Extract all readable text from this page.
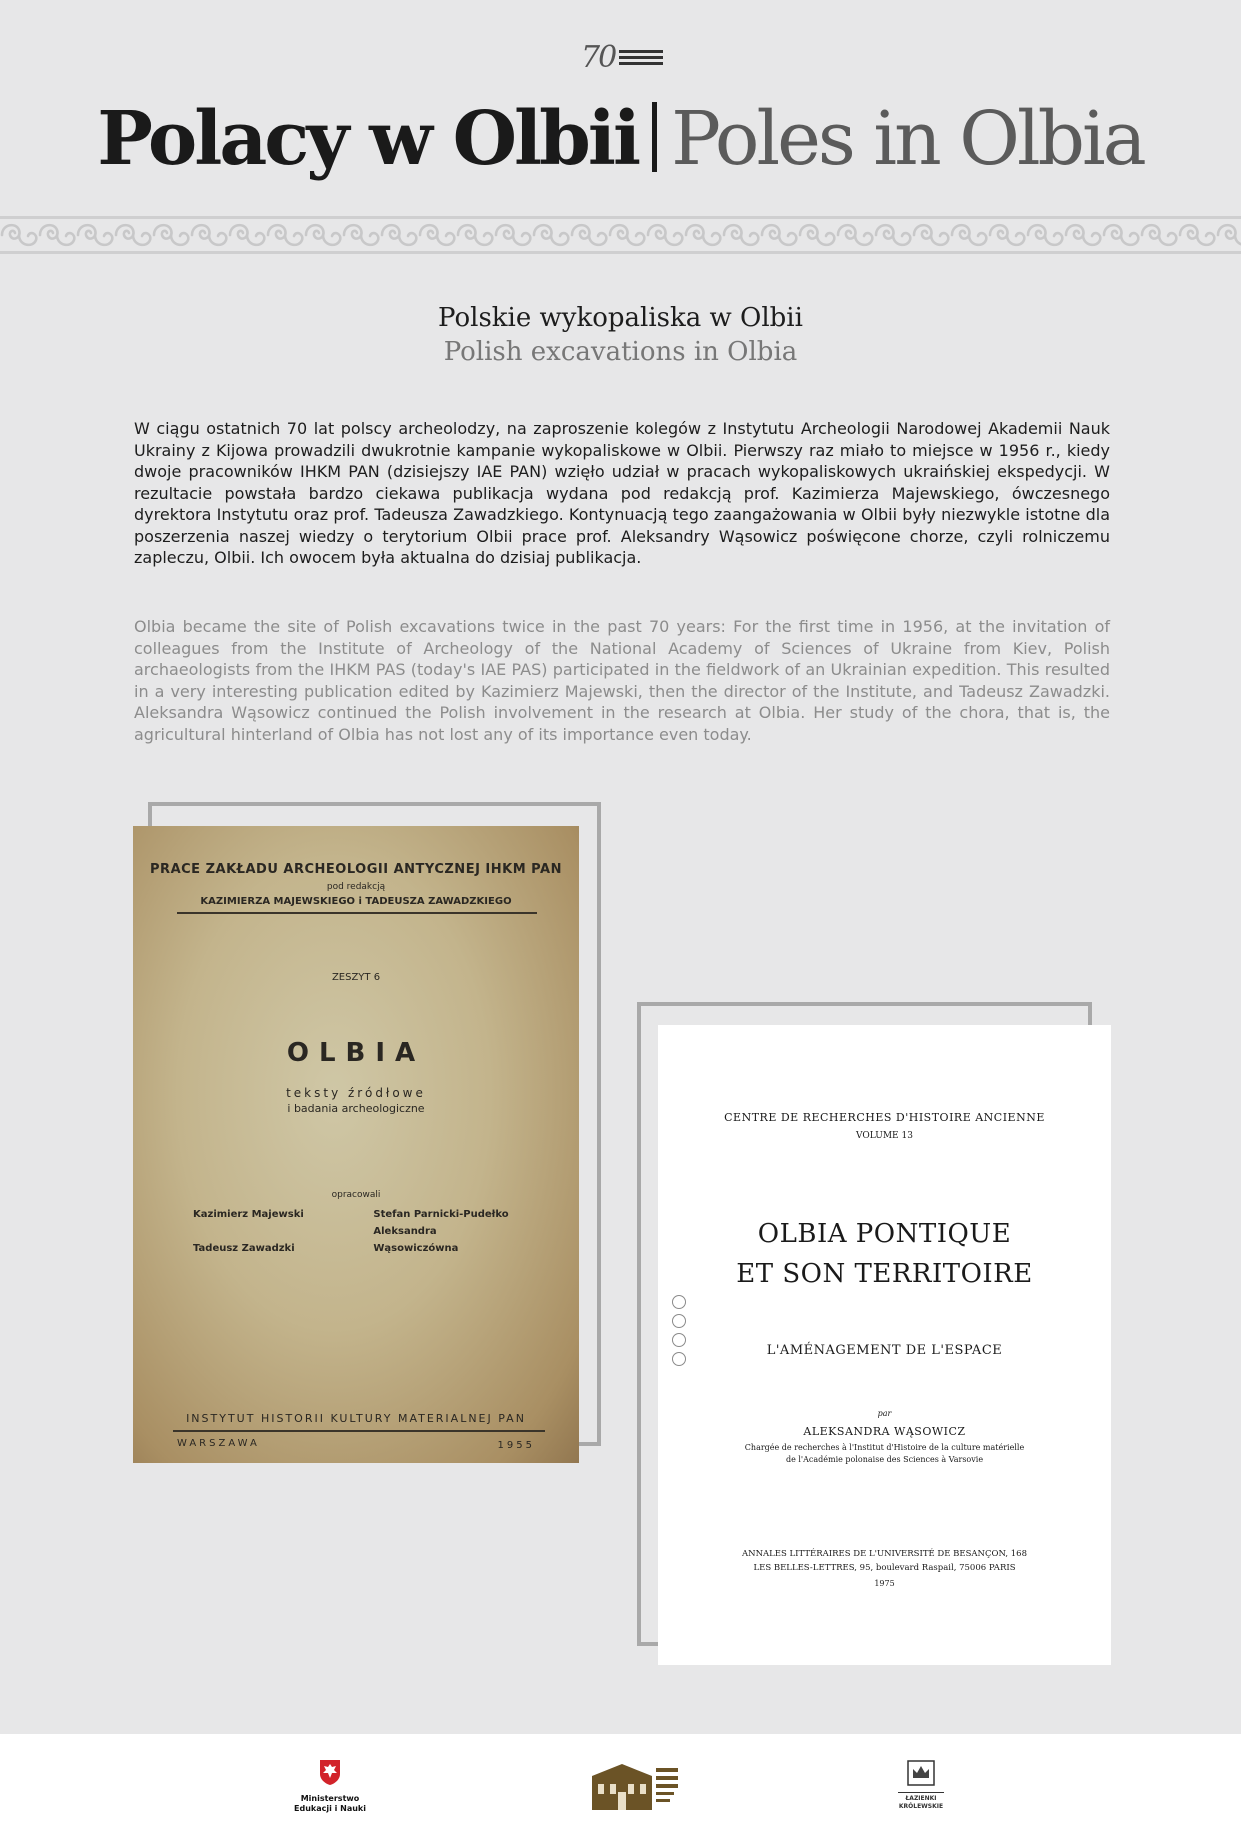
70
Polacy w Olbii Poles in Olbia
Polskie wykopaliska w Olbii
Polish excavations in Olbia

W ciągu ostatnich 70 lat polscy archeolodzy, na zaproszenie kolegów z Instytutu Archeologii Narodowej Akademii Nauk Ukrainy z Kijowa prowadzili dwukrotnie kampanie wykopaliskowe w Olbii. Pierwszy raz miało to miejsce w 1956 r., kiedy dwoje pracowników IHKM PAN (dzisiejszy IAE PAN) wzięło udział w pracach wykopaliskowych ukraińskiej ekspedycji. W rezultacie powstała bardzo ciekawa publikacja wydana pod redakcją prof. Kazimierza Majewskiego, ówczesnego dyrektora Instytutu oraz prof. Tadeusza Zawadzkiego. Kontynuacją tego zaangażowania w Olbii były niezwykle istotne dla poszerzenia naszej wiedzy o terytorium Olbii prace prof. Aleksandry Wąsowicz poświęcone chorze, czyli rolniczemu zapleczu, Olbii. Ich owocem była aktualna do dzisiaj publikacja.

Olbia became the site of Polish excavations twice in the past 70 years: For the first time in 1956, at the invitation of colleagues from the Institute of Archeology of the National Academy of Sciences of Ukraine from Kiev, Polish archaeologists from the IHKM PAS (today's IAE PAS) participated in the fieldwork of an Ukrainian expedition. This resulted in a very interesting publication edited by Kazimierz Majewski, then the director of the Institute, and Tadeusz Zawadzki. Aleksandra Wąsowicz continued the Polish involvement in the research at Olbia. Her study of the chora, that is, the agricultural hinterland of Olbia has not lost any of its importance even today.

PRACE ZAKŁADU ARCHEOLOGII ANTYCZNEJ IHKM PAN
pod redakcją
KAZIMIERZA MAJEWSKIEGO i TADEUSZA ZAWADZKIEGO
ZESZYT 6
OLBIA
teksty źródłowe
i badania archeologiczne
opracowali
Kazimierz Majewski	Stefan Parnicki-PudełkoTadeusz ZawadzkiAleksandra Wąsowiczówna
INSTYTUT HISTORII KULTURY MATERIALNEJ PAN
WARSZAWA	1955
CENTRE DE RECHERCHES D'HISTOIRE ANCIENNE
VOLUME 13
OLBIA PONTIQUE
ET SON TERRITOIRE
L'AMÉNAGEMENT DE L'ESPACE
par
ALEKSANDRA WĄSOWICZ
Chargée de recherches à l'Institut d'Histoire de la culture matérielle
de l'Académie polonaise des Sciences à Varsovie
ANNALES LITTÉRAIRES DE L'UNIVERSITÉ DE BESANÇON, 168
LES BELLES-LETTRES, 95, boulevard Raspail, 75006 PARIS
1975
Ministerstwo
Edukacji i Nauki
ŁAZIENKI
KRÓLEWSKIE
